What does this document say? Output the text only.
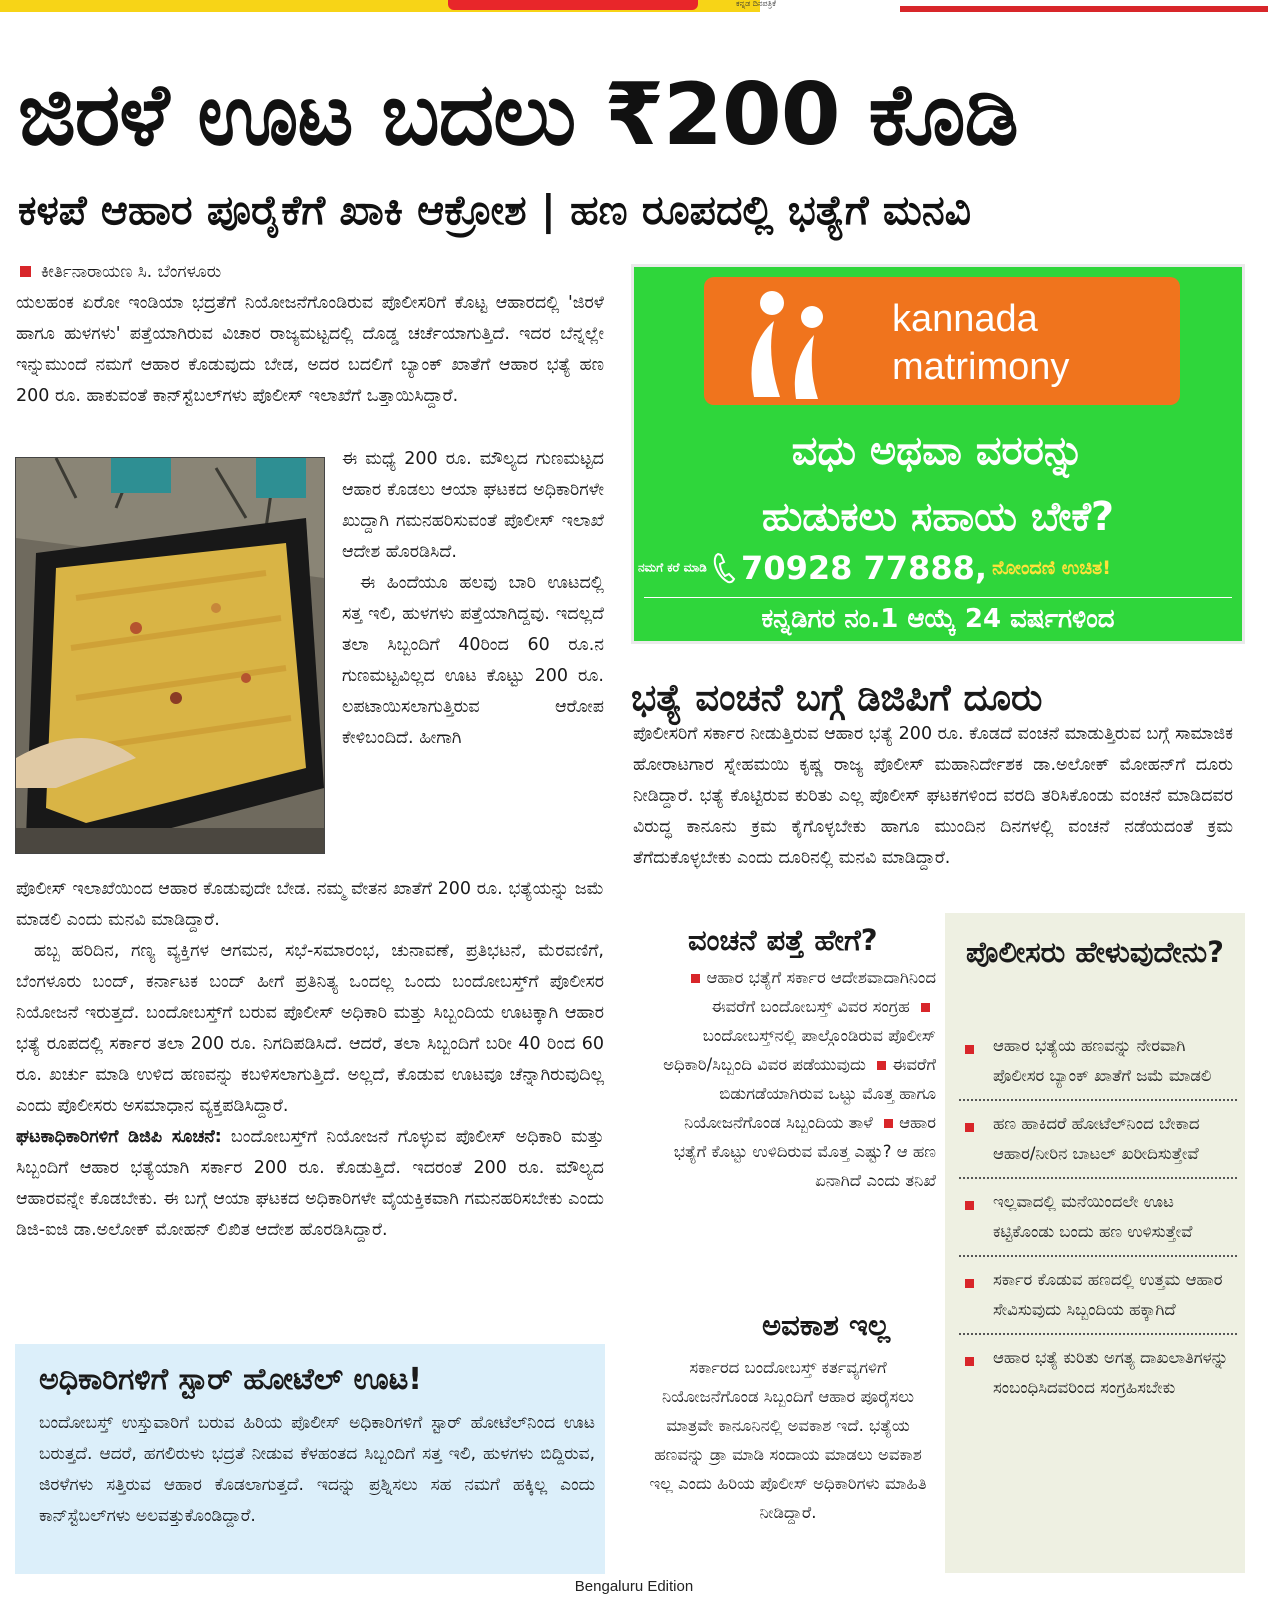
ಕನ್ನಡ ದಿನಪತ್ರಿಕೆ
ಜಿರಳೆ ಊಟ ಬದಲು ₹200 ಕೊಡಿ
ಕಳಪೆ ಆಹಾರ ಪೂರೈಕೆಗೆ ಖಾಕಿ ಆಕ್ರೋಶ | ಹಣ ರೂಪದಲ್ಲಿ ಭತ್ಯೆಗೆ ಮನವಿ
ಕೀರ್ತಿನಾರಾಯಣ ಸಿ. ಬೆಂಗಳೂರು
ಯಲಹಂಕ ಏರೋ ಇಂಡಿಯಾ ಭದ್ರತೆಗೆ ನಿಯೋಜನೆಗೊಂಡಿರುವ ಪೊಲೀಸರಿಗೆ ಕೊಟ್ಟ ಆಹಾರದಲ್ಲಿ 'ಜಿರಳೆ ಹಾಗೂ ಹುಳಗಳು' ಪತ್ತೆಯಾಗಿರುವ ವಿಚಾರ ರಾಜ್ಯಮಟ್ಟದಲ್ಲಿ ದೊಡ್ಡ ಚರ್ಚೆಯಾಗುತ್ತಿದೆ. ಇದರ ಬೆನ್ನಲ್ಲೇ ಇನ್ನುಮುಂದೆ ನಮಗೆ ಆಹಾರ ಕೊಡುವುದು ಬೇಡ, ಅದರ ಬದಲಿಗೆ ಬ್ಯಾಂಕ್ ಖಾತೆಗೆ ಆಹಾರ ಭತ್ಯೆ ಹಣ 200 ರೂ. ಹಾಕುವಂತೆ ಕಾನ್‌ಸ್ಟೆಬಲ್‌ಗಳು ಪೊಲೀಸ್ ಇಲಾಖೆಗೆ ಒತ್ತಾಯಿಸಿದ್ದಾರೆ.
ಈ ಮಧ್ಯೆ 200 ರೂ. ಮೌಲ್ಯದ ಗುಣಮಟ್ಟದ ಆಹಾರ ಕೊಡಲು ಆಯಾ ಘಟಕದ ಅಧಿಕಾರಿಗಳೇ ಖುದ್ದಾಗಿ ಗಮನಹರಿಸುವಂತೆ ಪೊಲೀಸ್ ಇಲಾಖೆ ಆದೇಶ ಹೊರಡಿಸಿದೆ.
ಈ ಹಿಂದೆಯೂ ಹಲವು ಬಾರಿ ಊಟದಲ್ಲಿ ಸತ್ತ ಇಲಿ, ಹುಳಗಳು ಪತ್ತೆಯಾಗಿದ್ದವು. ಇದಲ್ಲದೆ ತಲಾ ಸಿಬ್ಬಂದಿಗೆ 40ರಿಂದ 60 ರೂ.ನ ಗುಣಮಟ್ಟವಿಲ್ಲದ ಊಟ ಕೊಟ್ಟು 200 ರೂ. ಲಪಟಾಯಿಸಲಾಗುತ್ತಿರುವ ಆರೋಪ ಕೇಳಿಬಂದಿದೆ. ಹೀಗಾಗಿ
ಪೊಲೀಸ್ ಇಲಾಖೆಯಿಂದ ಆಹಾರ ಕೊಡುವುದೇ ಬೇಡ. ನಮ್ಮ ವೇತನ ಖಾತೆಗೆ 200 ರೂ. ಭತ್ಯೆಯನ್ನು ಜಮೆ ಮಾಡಲಿ ಎಂದು ಮನವಿ ಮಾಡಿದ್ದಾರೆ.
ಹಬ್ಬ ಹರಿದಿನ, ಗಣ್ಯ ವ್ಯಕ್ತಿಗಳ ಆಗಮನ, ಸಭೆ-ಸಮಾರಂಭ, ಚುನಾವಣೆ, ಪ್ರತಿಭಟನೆ, ಮೆರವಣಿಗೆ, ಬೆಂಗಳೂರು ಬಂದ್, ಕರ್ನಾಟಕ ಬಂದ್ ಹೀಗೆ ಪ್ರತಿನಿತ್ಯ ಒಂದಲ್ಲ ಒಂದು ಬಂದೋಬಸ್ತ್‌ಗೆ ಪೊಲೀಸರ ನಿಯೋಜನೆ ಇರುತ್ತದೆ. ಬಂದೋಬಸ್ತ್‌ಗೆ ಬರುವ ಪೊಲೀಸ್ ಅಧಿಕಾರಿ ಮತ್ತು ಸಿಬ್ಬಂದಿಯ ಊಟಕ್ಕಾಗಿ ಆಹಾರ ಭತ್ಯೆ ರೂಪದಲ್ಲಿ ಸರ್ಕಾರ ತಲಾ 200 ರೂ. ನಿಗದಿಪಡಿಸಿದೆ. ಆದರೆ, ತಲಾ ಸಿಬ್ಬಂದಿಗೆ ಬರೀ 40 ರಿಂದ 60 ರೂ. ಖರ್ಚು ಮಾಡಿ ಉಳಿದ ಹಣವನ್ನು ಕಬಳಿಸಲಾಗುತ್ತಿದೆ. ಅಲ್ಲದೆ, ಕೊಡುವ ಊಟವೂ ಚೆನ್ನಾಗಿರುವುದಿಲ್ಲ ಎಂದು ಪೊಲೀಸರು ಅಸಮಾಧಾನ ವ್ಯಕ್ತಪಡಿಸಿದ್ದಾರೆ.
ಘಟಕಾಧಿಕಾರಿಗಳಿಗೆ ಡಿಜಿಪಿ ಸೂಚನೆ: ಬಂದೋಬಸ್ತ್‌ಗೆ ನಿಯೋಜನೆ ಗೊಳ್ಳುವ ಪೊಲೀಸ್ ಅಧಿಕಾರಿ ಮತ್ತು ಸಿಬ್ಬಂದಿಗೆ ಆಹಾರ ಭತ್ಯೆಯಾಗಿ ಸರ್ಕಾರ 200 ರೂ. ಕೊಡುತ್ತಿದೆ. ಇದರಂತೆ 200 ರೂ. ಮೌಲ್ಯದ ಆಹಾರವನ್ನೇ ಕೊಡಬೇಕು. ಈ ಬಗ್ಗೆ ಆಯಾ ಘಟಕದ ಅಧಿಕಾರಿಗಳೇ ವೈಯಕ್ತಿಕವಾಗಿ ಗಮನಹರಿಸಬೇಕು ಎಂದು ಡಿಜಿ-ಐಜಿ ಡಾ.ಅಲೋಕ್ ಮೋಹನ್ ಲಿಖಿತ ಆದೇಶ ಹೊರಡಿಸಿದ್ದಾರೆ.
kannada
matrimony
ವಧು ಅಥವಾ ವರರನ್ನು
ಹುಡುಕಲು ಸಹಾಯ ಬೇಕೆ?
ನಮಗೆ ಕರೆ ಮಾಡಿ 70928 77888, ನೋಂದಣಿ ಉಚಿತ!
ಕನ್ನಡಿಗರ ನಂ.1 ಆಯ್ಕೆ 24 ವರ್ಷಗಳಿಂದ
ಭತ್ಯೆ ವಂಚನೆ ಬಗ್ಗೆ ಡಿಜಿಪಿಗೆ ದೂರು
ಪೊಲೀಸರಿಗೆ ಸರ್ಕಾರ ನೀಡುತ್ತಿರುವ ಆಹಾರ ಭತ್ಯೆ 200 ರೂ. ಕೊಡದೆ ವಂಚನೆ ಮಾಡುತ್ತಿರುವ ಬಗ್ಗೆ ಸಾಮಾಜಿಕ ಹೋರಾಟಗಾರ ಸ್ನೇಹಮಯಿ ಕೃಷ್ಣ ರಾಜ್ಯ ಪೊಲೀಸ್ ಮಹಾನಿರ್ದೇಶಕ ಡಾ.ಅಲೋಕ್ ಮೋಹನ್‌ಗೆ ದೂರು ನೀಡಿದ್ದಾರೆ. ಭತ್ಯೆ ಕೊಟ್ಟಿರುವ ಕುರಿತು ಎಲ್ಲ ಪೊಲೀಸ್ ಘಟಕಗಳಿಂದ ವರದಿ ತರಿಸಿಕೊಂಡು ವಂಚನೆ ಮಾಡಿದವರ ವಿರುದ್ಧ ಕಾನೂನು ಕ್ರಮ ಕೈಗೊಳ್ಳಬೇಕು ಹಾಗೂ ಮುಂದಿನ ದಿನಗಳಲ್ಲಿ ವಂಚನೆ ನಡೆಯದಂತೆ ಕ್ರಮ ತೆಗೆದುಕೊಳ್ಳಬೇಕು ಎಂದು ದೂರಿನಲ್ಲಿ ಮನವಿ ಮಾಡಿದ್ದಾರೆ.
ವಂಚನೆ ಪತ್ತೆ ಹೇಗೆ?
ಆಹಾರ ಭತ್ಯೆಗೆ ಸರ್ಕಾರ ಆದೇಶವಾದಾಗಿನಿಂದ ಈವರೆಗೆ ಬಂದೋಬಸ್ತ್ ವಿವರ ಸಂಗ್ರಹ ಬಂದೋಬಸ್ತ್‌ನಲ್ಲಿ ಪಾಲ್ಗೊಂಡಿರುವ ಪೊಲೀಸ್ ಅಧಿಕಾರಿ/ಸಿಬ್ಬಂದಿ ವಿವರ ಪಡೆಯುವುದು ಈವರೆಗೆ ಬಿಡುಗಡೆಯಾಗಿರುವ ಒಟ್ಟು ಮೊತ್ತ ಹಾಗೂ ನಿಯೋಜನೆಗೊಂಡ ಸಿಬ್ಬಂದಿಯ ತಾಳೆ ಆಹಾರ ಭತ್ಯೆಗೆ ಕೊಟ್ಟು ಉಳಿದಿರುವ ಮೊತ್ತ ಎಷ್ಟು? ಆ ಹಣ ಏನಾಗಿದೆ ಎಂದು ತನಿಖೆ
ಅವಕಾಶ ಇಲ್ಲ
ಸರ್ಕಾರದ ಬಂದೋಬಸ್ತ್ ಕರ್ತವ್ಯಗಳಿಗೆ ನಿಯೋಜನೆಗೊಂಡ ಸಿಬ್ಬಂದಿಗೆ ಆಹಾರ ಪೂರೈಸಲು ಮಾತ್ರವೇ ಕಾನೂನಿನಲ್ಲಿ ಅವಕಾಶ ಇದೆ. ಭತ್ಯೆಯ ಹಣವನ್ನು ಡ್ರಾ ಮಾಡಿ ಸಂದಾಯ ಮಾಡಲು ಅವಕಾಶ ಇಲ್ಲ ಎಂದು ಹಿರಿಯ ಪೊಲೀಸ್ ಅಧಿಕಾರಿಗಳು ಮಾಹಿತಿ ನೀಡಿದ್ದಾರೆ.
ಪೊಲೀಸರು ಹೇಳುವುದೇನು?
ಆಹಾರ ಭತ್ಯೆಯ ಹಣವನ್ನು ನೇರವಾಗಿ ಪೊಲೀಸರ ಬ್ಯಾಂಕ್ ಖಾತೆಗೆ ಜಮೆ ಮಾಡಲಿ
ಹಣ ಹಾಕಿದರೆ ಹೋಟೆಲ್‌ನಿಂದ ಬೇಕಾದ ಆಹಾರ/ನೀರಿನ ಬಾಟಲ್ ಖರೀದಿಸುತ್ತೇವೆ
ಇಲ್ಲವಾದಲ್ಲಿ ಮನೆಯಿಂದಲೇ ಊಟ ಕಟ್ಟಿಕೊಂಡು ಬಂದು ಹಣ ಉಳಿಸುತ್ತೇವೆ
ಸರ್ಕಾರ ಕೊಡುವ ಹಣದಲ್ಲಿ ಉತ್ತಮ ಆಹಾರ ಸೇವಿಸುವುದು ಸಿಬ್ಬಂದಿಯ ಹಕ್ಕಾಗಿದೆ
ಆಹಾರ ಭತ್ಯೆ ಕುರಿತು ಅಗತ್ಯ ದಾಖಲಾತಿಗಳನ್ನು ಸಂಬಂಧಿಸಿದವರಿಂದ ಸಂಗ್ರಹಿಸಬೇಕು
ಅಧಿಕಾರಿಗಳಿಗೆ ಸ್ಟಾರ್ ಹೋಟೆಲ್ ಊಟ!
ಬಂದೋಬಸ್ತ್ ಉಸ್ತುವಾರಿಗೆ ಬರುವ ಹಿರಿಯ ಪೊಲೀಸ್ ಅಧಿಕಾರಿಗಳಿಗೆ ಸ್ಟಾರ್ ಹೋಟೆಲ್‌ನಿಂದ ಊಟ ಬರುತ್ತದೆ. ಆದರೆ, ಹಗಲಿರುಳು ಭದ್ರತೆ ನೀಡುವ ಕೆಳಹಂತದ ಸಿಬ್ಬಂದಿಗೆ ಸತ್ತ ಇಲಿ, ಹುಳಗಳು ಬಿದ್ದಿರುವ, ಜಿರಳೆಗಳು ಸತ್ತಿರುವ ಆಹಾರ ಕೊಡಲಾಗುತ್ತದೆ. ಇದನ್ನು ಪ್ರಶ್ನಿಸಲು ಸಹ ನಮಗೆ ಹಕ್ಕಿಲ್ಲ ಎಂದು ಕಾನ್‌ಸ್ಟೆಬಲ್‌ಗಳು ಅಲವತ್ತುಕೊಂಡಿದ್ದಾರೆ.
Bengaluru Edition
